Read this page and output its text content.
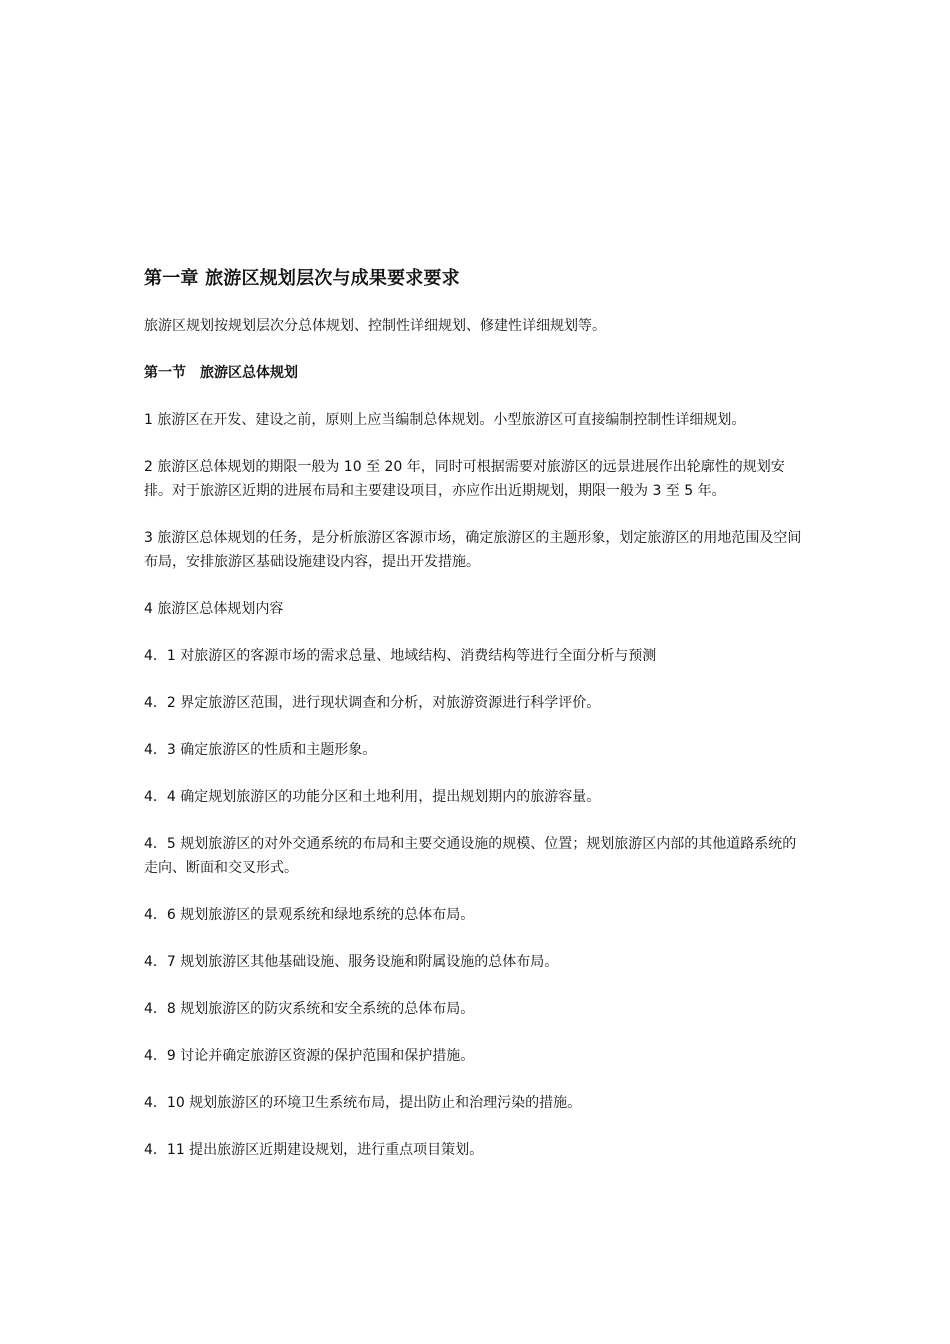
第一章 旅游区规划层次与成果要求要求

旅游区规划按规划层次分总体规划、控制性详细规划、修建性详细规划等。

第一节　旅游区总体规划

1 旅游区在开发、建设之前，原则上应当编制总体规划。小型旅游区可直接编制控制性详细规划。

2 旅游区总体规划的期限一般为 10 至 20 年，同时可根据需要对旅游区的远景进展作出轮廓性的规划安排。对于旅游区近期的进展布局和主要建设项目，亦应作出近期规划，期限一般为 3 至 5 年。

3 旅游区总体规划的任务，是分析旅游区客源市场，确定旅游区的主题形象，划定旅游区的用地范围及空间布局，安排旅游区基础设施建设内容，提出开发措施。

4 旅游区总体规划内容

4．1 对旅游区的客源市场的需求总量、地域结构、消费结构等进行全面分析与预测

4．2 界定旅游区范围，进行现状调查和分析，对旅游资源进行科学评价。

4．3 确定旅游区的性质和主题形象。

4．4 确定规划旅游区的功能分区和土地利用，提出规划期内的旅游容量。

4．5 规划旅游区的对外交通系统的布局和主要交通设施的规模、位置；规划旅游区内部的其他道路系统的走向、断面和交叉形式。

4．6 规划旅游区的景观系统和绿地系统的总体布局。

4．7 规划旅游区其他基础设施、服务设施和附属设施的总体布局。

4．8 规划旅游区的防灾系统和安全系统的总体布局。

4．9 讨论并确定旅游区资源的保护范围和保护措施。

4．10 规划旅游区的环境卫生系统布局，提出防止和治理污染的措施。

4．11 提出旅游区近期建设规划，进行重点项目策划。
